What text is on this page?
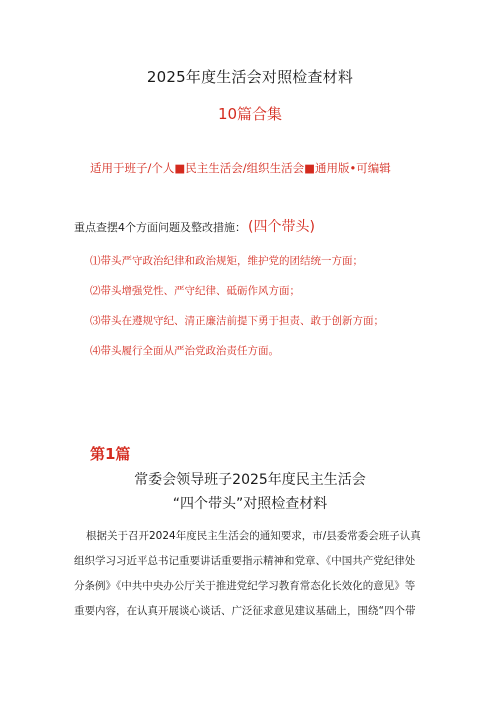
2025年度生活会对照检查材料
10篇合集
适用于班子/个人■民主生活会/组织生活会■通用版•可编辑
重点查摆4个方面问题及整改措施： (四个带头)
⑴带头严守政治纪律和政治规矩，维护党的团结统一方面；
⑵带头增强党性、严守纪律、砥砺作风方面；
⑶带头在遵规守纪、清正廉洁前提下勇于担责、敢于创新方面；
⑷带头履行全面从严治党政治责任方面。
第1篇
常委会领导班子2025年度民主生活会
“四个带头”对照检查材料
根据关于召开2024年度民主生活会的通知要求，市/县委常委会班子认真
组织学习习近平总书记重要讲话重要指示精神和党章、《中国共产党纪律处
分条例》《中共中央办公厅关于推进党纪学习教育常态化长效化的意见》等
重要内容，在认真开展谈心谈话、广泛征求意见建议基础上，围绕“四个带
